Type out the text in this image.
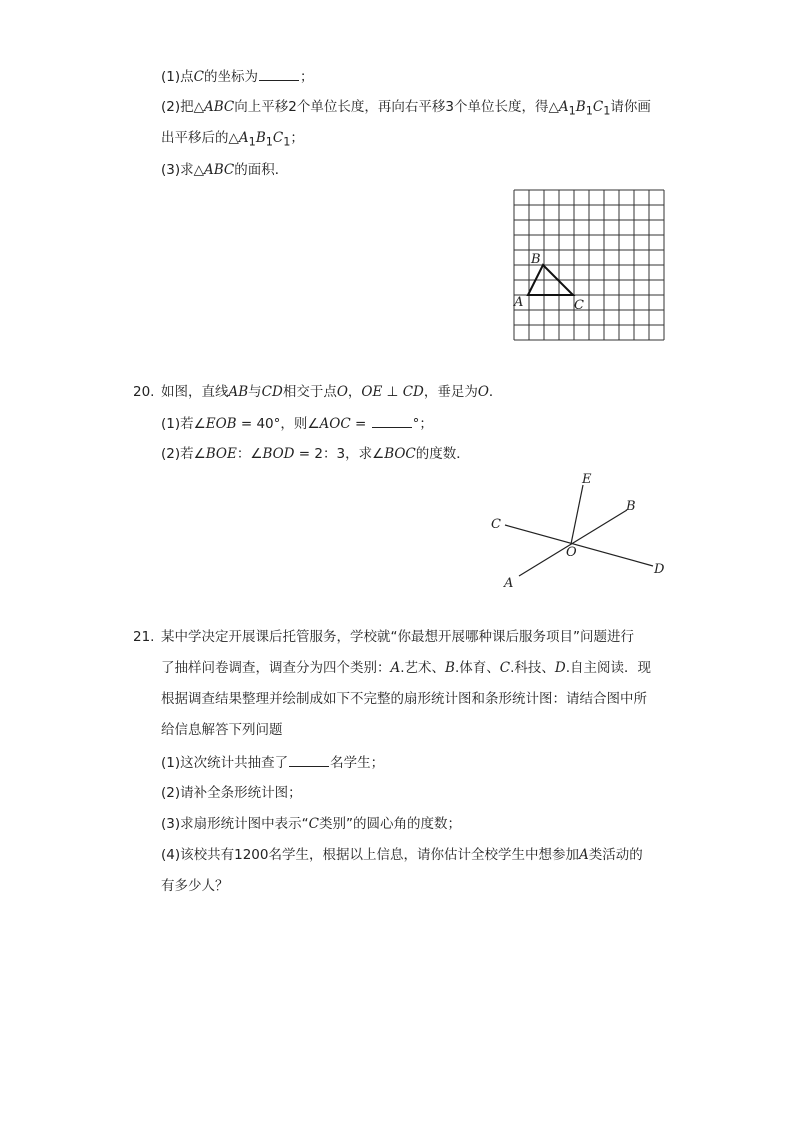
(1)点C的坐标为	；
(2)把△ABC向上平移2个单位长度，再向右平移3个单位长度，得$\triangle A_1B_1C_1$请你画
出平移后的$\triangle A_1B_1C_1$；
(3)求△ABC的面积．
B
A	C
20. 如图，直线AB与CD相交于点O，OE ⊥ CD，垂足为O．
(1)若∠EOB = 40°，则∠AOC =	°；
(2)若∠BOE：∠BOD = 2：3，求∠BOC的度数．
E
B
C
O
D
A
21. 某中学决定开展课后托管服务，学校就“你最想开展哪种课后服务项目”问题进行
了抽样问卷调查，调查分为四个类别：A.艺术、B.体育、C.科技、D.自主阅读．现
根据调查结果整理并绘制成如下不完整的扇形统计图和条形统计图：请结合图中所
给信息解答下列问题
(1)这次统计共抽查了	名学生；
(2)请补全条形统计图；
(3)求扇形统计图中表示“C类别”的圆心角的度数；
(4)该校共有1200名学生，根据以上信息，请你估计全校学生中想参加A类活动的
有多少人？
